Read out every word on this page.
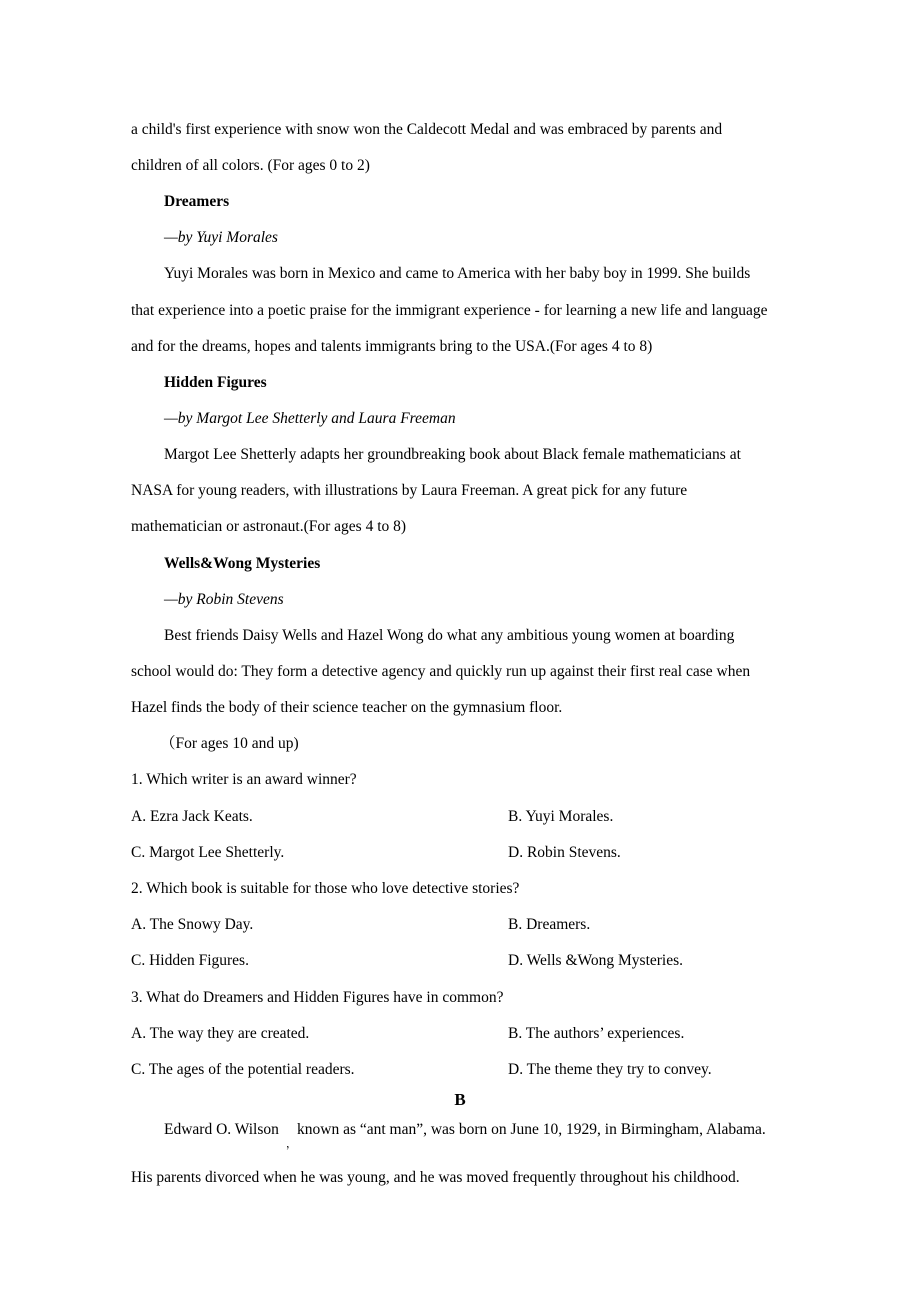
a child's first experience with snow won the Caldecott Medal and was embraced by parents and
children of all colors. (For ages 0 to 2)
Dreamers
—by Yuyi Morales
Yuyi Morales was born in Mexico and came to America with her baby boy in 1999. She builds
that experience into a poetic praise for the immigrant experience - for learning a new life and language
and for the dreams, hopes and talents immigrants bring to the USA.(For ages 4 to 8)
Hidden Figures
—by Margot Lee Shetterly and Laura Freeman
Margot Lee Shetterly adapts her groundbreaking book about Black female mathematicians at
NASA for young readers, with illustrations by Laura Freeman. A great pick for any future
mathematician or astronaut.(For ages 4 to 8)
Wells&Wong Mysteries
—by Robin Stevens
Best friends Daisy Wells and Hazel Wong do what any ambitious young women at boarding
school would do: They form a detective agency and quickly run up against their first real case when
Hazel finds the body of their science teacher on the gymnasium floor.
（For ages 10 and up)
1. Which writer is an award winner?
A. Ezra Jack Keats.	B. Yuyi Morales.
C. Margot Lee Shetterly.	D. Robin Stevens.
2. Which book is suitable for those who love detective stories?
A. The Snowy Day.	B. Dreamers.
C. Hidden Figures.	D. Wells &Wong Mysteries.
3. What do Dreamers and Hidden Figures have in common?
A. The way they are created.	B. The authors’ experiences.
C. The ages of the potential readers.	D. The theme they try to convey.
B
Edward O. Wilson
，
known as “ant man”, was born on June 10, 1929, in Birmingham, Alabama.
His parents divorced when he was young, and he was moved frequently throughout his childhood.
